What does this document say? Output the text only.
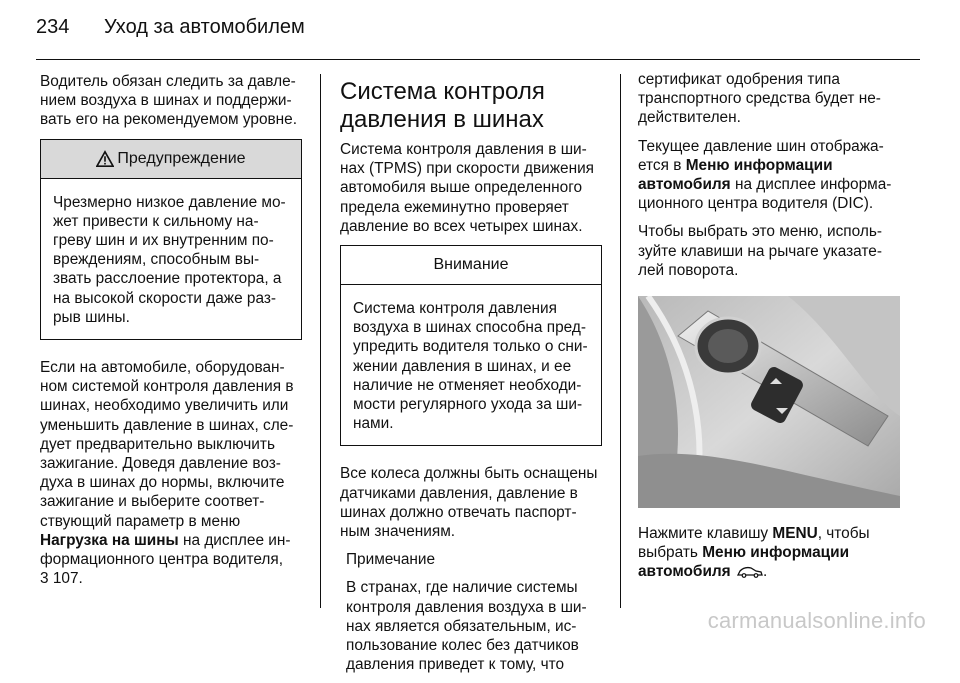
234	Уход за автомобилем

Водитель обязан следить за давле-нием воздуха в шинах и поддержи-вать его на рекомендуемом уровне.

Предупреждение
Чрезмерно низкое давление мо-жет привести к сильному на-греву шин и их внутренним по-вреждениям, способным вы-звать расслоение протектора, а на высокой скорости даже раз-рыв шины.

Если на автомобиле, оборудован-ном системой контроля давления в шинах, необходимо увеличить или уменьшить давление в шинах, сле-дует предварительно выключить зажигание. Доведя давление воз-духа в шинах до нормы, включите зажигание и выберите соответ-ствующий параметр в меню Нагрузка на шины на дисплее ин-формационного центра водителя,
3 107.

Система контроля
давления в шинах

Система контроля давления в ши-нах (TPMS) при скорости движения автомобиля выше определенного предела ежеминутно проверяет давление во всех четырех шинах.

Внимание
Система контроля давления воздуха в шинах способна пред-упредить водителя только о сни-жении давления в шинах, и ее наличие не отменяет необходи-мости регулярного ухода за ши-нами.

Все колеса должны быть оснащены датчиками давления, давление в шинах должно отвечать паспорт-ным значениям.

Примечание

В странах, где наличие системы контроля давления воздуха в ши-нах является обязательным, ис-пользование колес без датчиков давления приведет к тому, что

сертификат одобрения типа транспортного средства будет не-действителен.

Текущее давление шин отобража-ется в Меню информации автомобиля на дисплее информа-ционного центра водителя (DIC).

Чтобы выбрать это меню, исполь-зуйте клавиши на рычаге указате-лей поворота.

Нажмите клавишу MENU, чтобы выбрать Меню информации автомобиля .

carmanualsonline.info
